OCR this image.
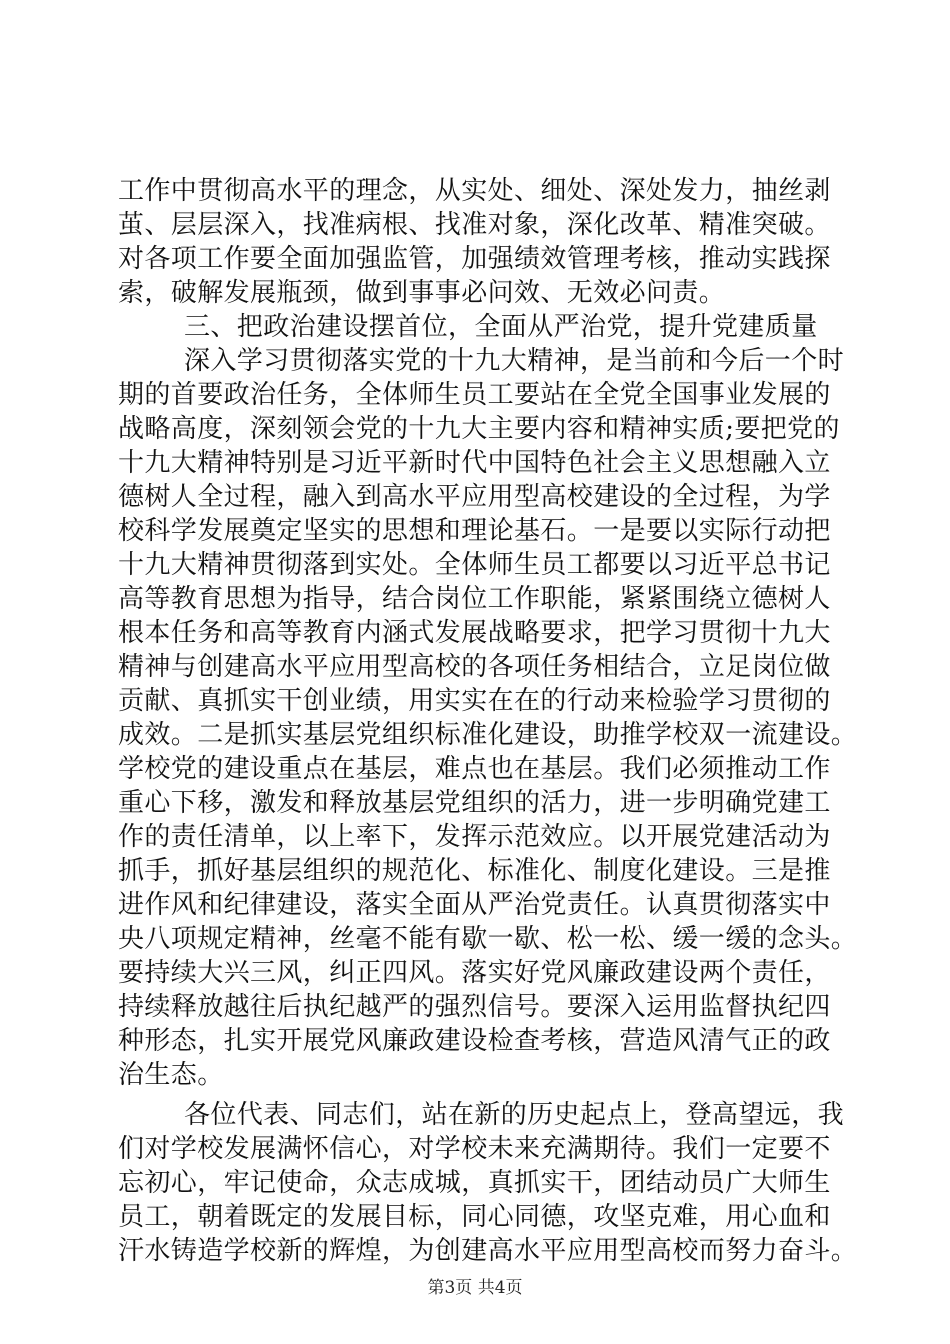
工作中贯彻高水平的理念，从实处、细处、深处发力，抽丝剥
茧、层层深入，找准病根、找准对象，深化改革、精准突破。
对各项工作要全面加强监管，加强绩效管理考核，推动实践探
索，破解发展瓶颈，做到事事必问效、无效必问责。
三、把政治建设摆首位，全面从严治党，提升党建质量
深入学习贯彻落实党的十九大精神，是当前和今后一个时
期的首要政治任务，全体师生员工要站在全党全国事业发展的
战略高度，深刻领会党的十九大主要内容和精神实质;要把党的
十九大精神特别是习近平新时代中国特色社会主义思想融入立
德树人全过程，融入到高水平应用型高校建设的全过程，为学
校科学发展奠定坚实的思想和理论基石。一是要以实际行动把
十九大精神贯彻落到实处。全体师生员工都要以习近平总书记
高等教育思想为指导，结合岗位工作职能，紧紧围绕立德树人
根本任务和高等教育内涵式发展战略要求，把学习贯彻十九大
精神与创建高水平应用型高校的各项任务相结合，立足岗位做
贡献、真抓实干创业绩，用实实在在的行动来检验学习贯彻的
成效。二是抓实基层党组织标准化建设，助推学校双一流建设。
学校党的建设重点在基层，难点也在基层。我们必须推动工作
重心下移，激发和释放基层党组织的活力，进一步明确党建工
作的责任清单，以上率下，发挥示范效应。以开展党建活动为
抓手，抓好基层组织的规范化、标准化、制度化建设。三是推
进作风和纪律建设，落实全面从严治党责任。认真贯彻落实中
央八项规定精神，丝毫不能有歇一歇、松一松、缓一缓的念头。
要持续大兴三风，纠正四风。落实好党风廉政建设两个责任，
持续释放越往后执纪越严的强烈信号。要深入运用监督执纪四
种形态，扎实开展党风廉政建设检查考核，营造风清气正的政
治生态。
各位代表、同志们，站在新的历史起点上，登高望远，我
们对学校发展满怀信心，对学校未来充满期待。我们一定要不
忘初心，牢记使命，众志成城，真抓实干，团结动员广大师生
员工，朝着既定的发展目标，同心同德，攻坚克难，用心血和
汗水铸造学校新的辉煌，为创建高水平应用型高校而努力奋斗。
第3页 共4页
